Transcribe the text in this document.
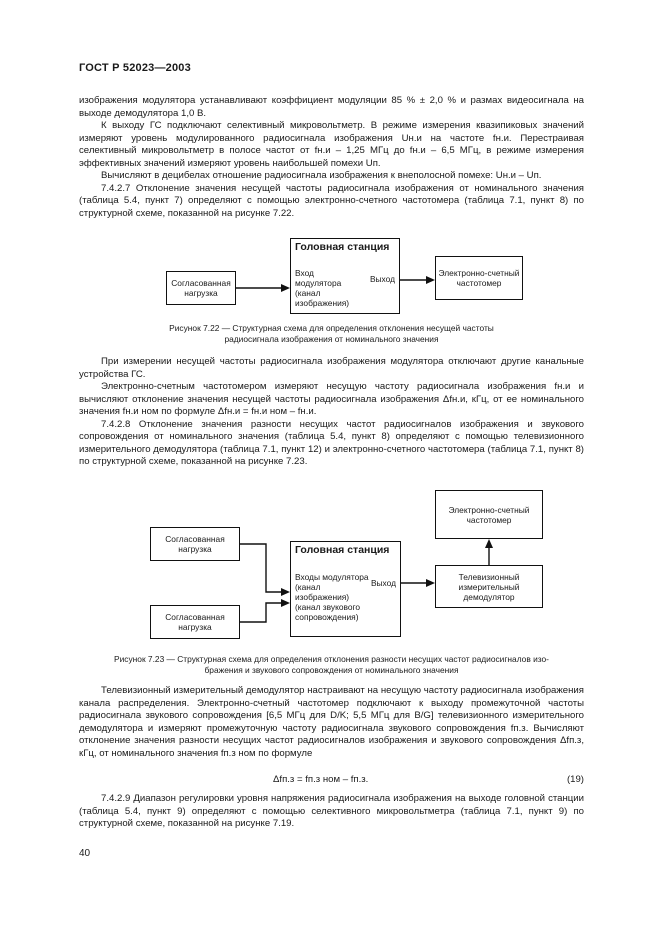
ГОСТ Р 52023—2003

изображения модулятора устанавливают коэффициент модуляции 85 % ± 2,0 % и размах видеосигнала на выходе демодулятора 1,0 В.

К выходу ГС подключают селективный микровольтметр. В режиме измерения квазипиковых значений измеряют уровень модулированного радиосигнала изображения Uн.и на частоте fн.и. Перестраивая селективный микровольтметр в полосе частот от fн.и – 1,25 МГц до fн.и – 6,5 МГц, в режиме измерения эффективных значений измеряют уровень наибольшей помехи Uп.

Вычисляют в децибелах отношение радиосигнала изображения к внеполосной помехе: Uн.и – Uп.

7.4.2.7 Отклонение значения несущей частоты радиосигнала изображения от номинального значения (таблица 5.4, пункт 7) определяют с помощью электронно-счетного частотомера (таблица 7.1, пункт 8) по структурной схеме, показанной на рисунке 7.22.

Согласованная нагрузка
Головная станция
Вход модулятора (канал изображения)
Выход
Электронно-счетный частотомер
Рисунок 7.22 — Структурная схема для определения отклонения несущей частоты
радиосигнала изображения от номинального значения

При измерении несущей частоты радиосигнала изображения модулятора отключают другие канальные устройства ГС.

Электронно-счетным частотомером измеряют несущую частоту радиосигнала изображения fн.и и вычисляют отклонение значения несущей частоты радиосигнала изображения Δfн.и, кГц, от ее номинального значения fн.и ном по формуле Δfн.и = fн.и ном – fн.и.

7.4.2.8 Отклонение значения разности несущих частот радиосигналов изображения и звукового сопровождения от номинального значения (таблица 5.4, пункт 8) определяют с помощью телевизионного измерительного демодулятора (таблица 7.1, пункт 12) и электронно-счетного частотомера (таблица 7.1, пункт 8) по структурной схеме, показанной на рисунке 7.23.

Согласованная нагрузка
Согласованная нагрузка
Головная станция
Входы модулятора (канал изображения) (канал звукового сопровождения)
Выход
Электронно-счетный частотомер
Телевизионный измерительный демодулятор
Рисунок 7.23 — Структурная схема для определения отклонения разности несущих частот радиосигналов изо-
бражения и звукового сопровождения от номинального значения

Телевизионный измерительный демодулятор настраивают на несущую частоту радиосигнала изображения канала распределения. Электронно-счетный частотомер подключают к выходу промежуточной частоты радиосигнала звукового сопровождения [6,5 МГц для D/K; 5,5 МГц для B/G] телевизионного измерительного демодулятора и измеряют промежуточную частоту радиосигнала звукового сопровождения fп.з. Вычисляют отклонение значения разности несущих частот радиосигналов изображения и звукового сопровождения Δfп.з, кГц, от номинального значения fп.з ном по формуле

Δfп.з = fп.з ном – fп.з.	(19)

7.4.2.9 Диапазон регулировки уровня напряжения радиосигнала изображения на выходе головной станции (таблица 5.4, пункт 9) определяют с помощью селективного микровольтметра (таблица 7.1, пункт 9) по структурной схеме, показанной на рисунке 7.19.

40
